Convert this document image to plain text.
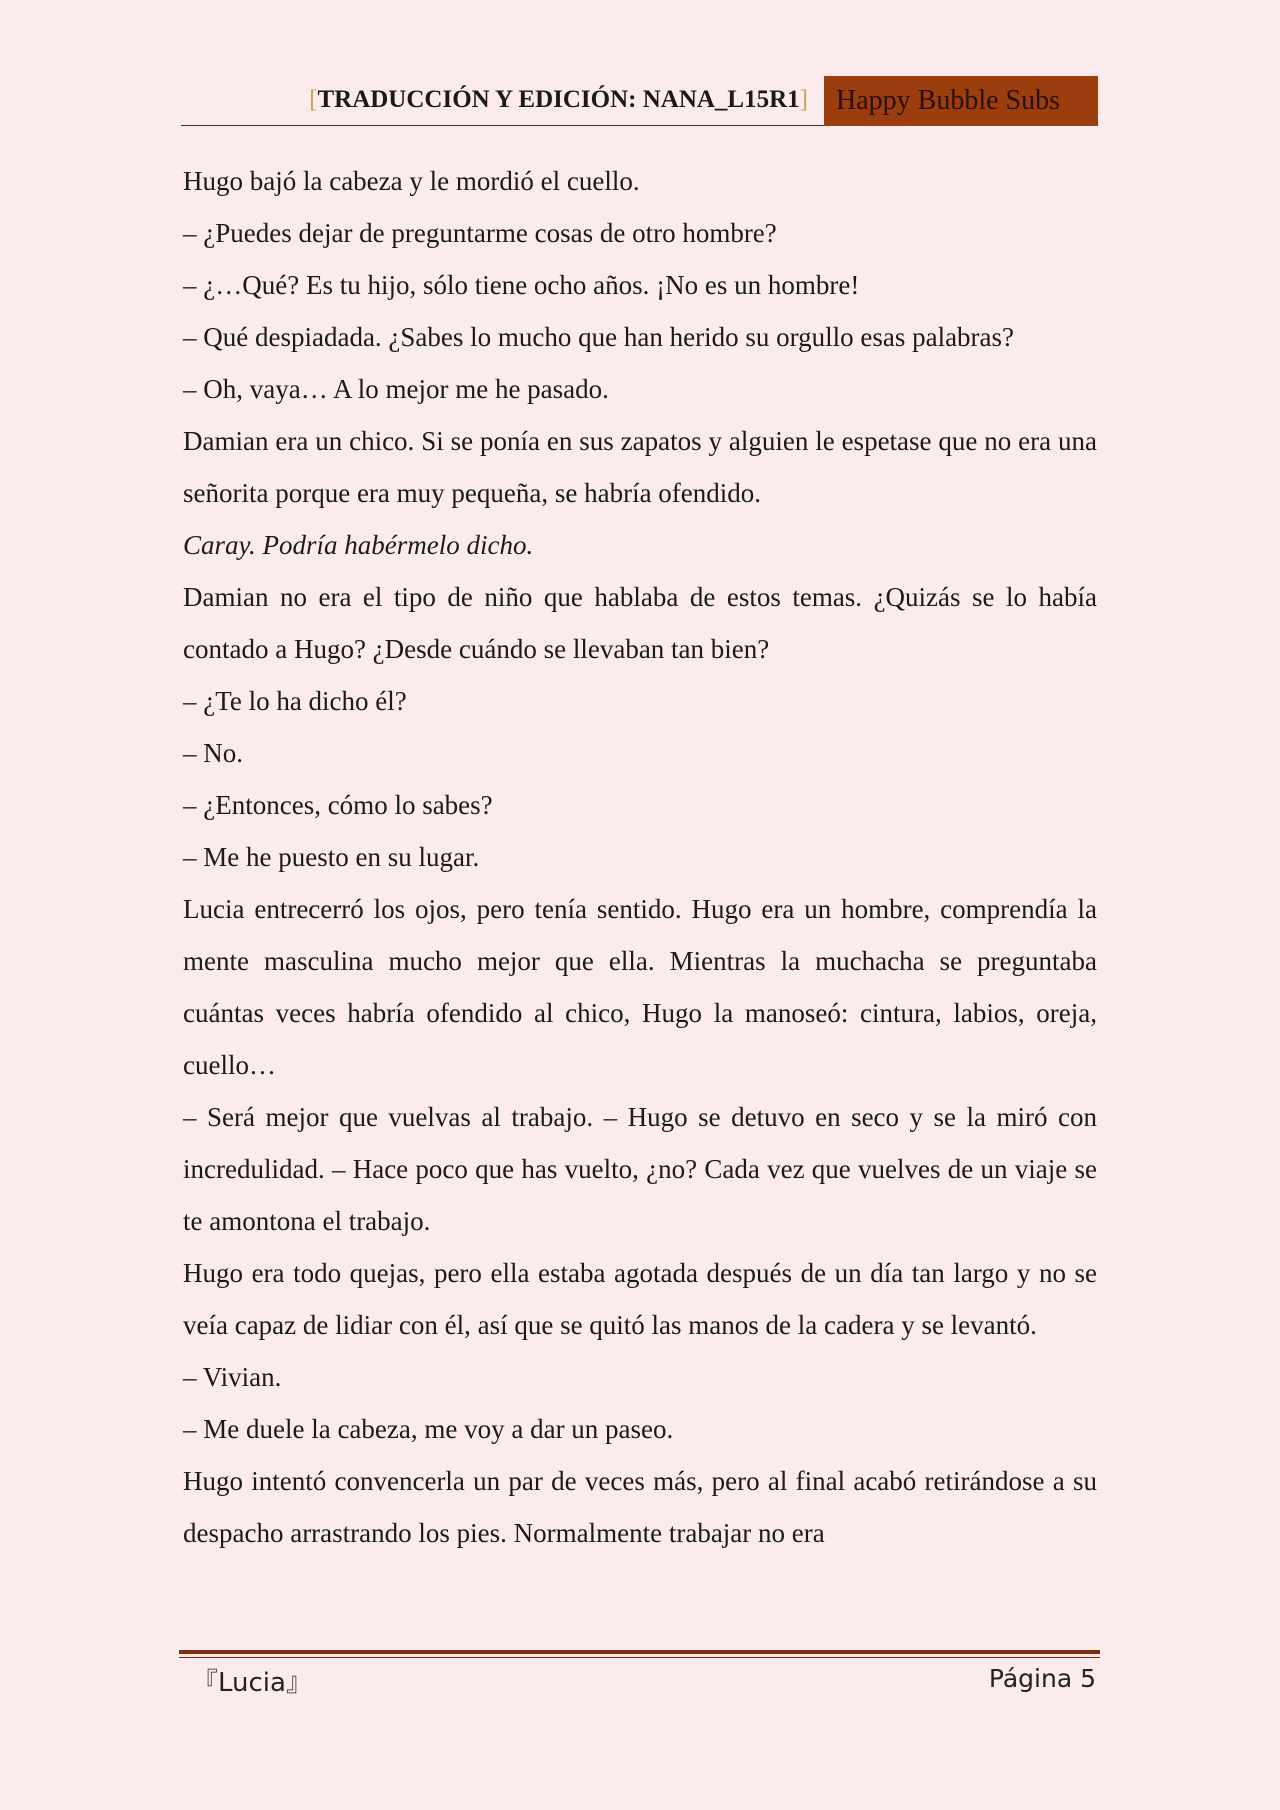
[TRADUCCIÓN Y EDICIÓN: NANA_L15R1]	Happy Bubble Subs

Hugo bajó la cabeza y le mordió el cuello.

– ¿Puedes dejar de preguntarme cosas de otro hombre?

– ¿…Qué? Es tu hijo, sólo tiene ocho años. ¡No es un hombre!

– Qué despiadada. ¿Sabes lo mucho que han herido su orgullo esas palabras?

– Oh, vaya… A lo mejor me he pasado.

Damian era un chico. Si se ponía en sus zapatos y alguien le espetase que no era una señorita porque era muy pequeña, se habría ofendido.

Caray. Podría habérmelo dicho.

Damian no era el tipo de niño que hablaba de estos temas. ¿Quizás se lo había contado a Hugo? ¿Desde cuándo se llevaban tan bien?

– ¿Te lo ha dicho él?

– No.

– ¿Entonces, cómo lo sabes?

– Me he puesto en su lugar.

Lucia entrecerró los ojos, pero tenía sentido. Hugo era un hombre, comprendía la mente masculina mucho mejor que ella. Mientras la muchacha se preguntaba cuántas veces habría ofendido al chico, Hugo la manoseó: cintura, labios, oreja, cuello…

– Será mejor que vuelvas al trabajo. – Hugo se detuvo en seco y se la miró con incredulidad. – Hace poco que has vuelto, ¿no? Cada vez que vuelves de un viaje se te amontona el trabajo.

Hugo era todo quejas, pero ella estaba agotada después de un día tan largo y no se veía capaz de lidiar con él, así que se quitó las manos de la cadera y se levantó.

– Vivian.

– Me duele la cabeza, me voy a dar un paseo.

Hugo intentó convencerla un par de veces más, pero al final acabó retirándose a su despacho arrastrando los pies. Normalmente trabajar no era

『Lucia』	Página 5
